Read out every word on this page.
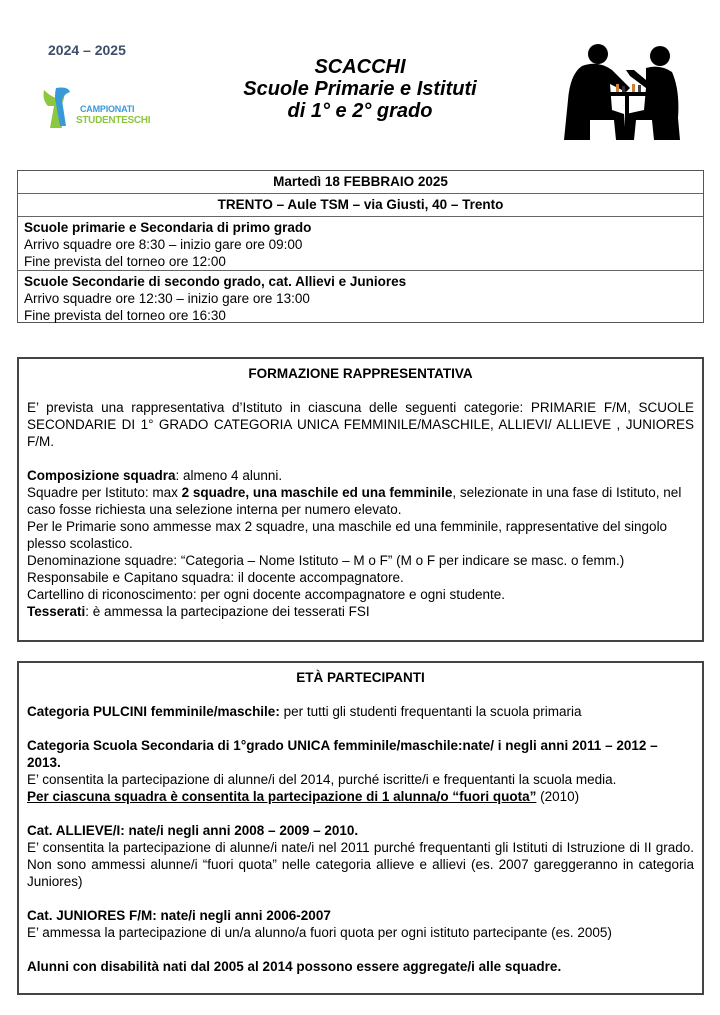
2024 – 2025
CAMPIONATI
STUDENTESCHI
SCACCHI
Scuole Primarie e Istituti
di 1° e 2° grado
Martedì 18 FEBBRAIO 2025
TRENTO – Aule TSM – via Giusti, 40 – Trento
Scuole primarie e Secondaria di primo grado
Arrivo squadre ore 8:30 – inizio gare ore 09:00
Fine prevista del torneo ore 12:00
Scuole Secondarie di secondo grado, cat. Allievi e Juniores
Arrivo squadre ore 12:30 – inizio gare ore 13:00
Fine prevista del torneo ore 16:30
FORMAZIONE RAPPRESENTATIVA
E’ prevista una rappresentativa d’Istituto in ciascuna delle seguenti categorie: PRIMARIE F/M, SCUOLE SECONDARIE DI 1° GRADO CATEGORIA UNICA FEMMINILE/MASCHILE, ALLIEVI/ ALLIEVE , JUNIORES F/M.
Composizione squadra: almeno 4 alunni.
Squadre per Istituto: max 2 squadre, una maschile ed una femminile, selezionate in una fase di Istituto, nel caso fosse richiesta una selezione interna per numero elevato.
Per le Primarie sono ammesse max 2 squadre, una maschile ed una femminile, rappresentative del singolo plesso scolastico.
Denominazione squadre: “Categoria – Nome Istituto – M o F” (M o F per indicare se masc. o femm.)
Responsabile e Capitano squadra: il docente accompagnatore.
Cartellino di riconoscimento: per ogni docente accompagnatore e ogni studente.
Tesserati: è ammessa la partecipazione dei tesserati FSI
ETÀ PARTECIPANTI
Categoria PULCINI femminile/maschile: per tutti gli studenti frequentanti la scuola primaria
Categoria Scuola Secondaria di 1°grado UNICA femminile/maschile:nate/ i negli anni 2011 – 2012 – 2013.
E’ consentita la partecipazione di alunne/i del 2014, purché iscritte/i e frequentanti la scuola media.
Per ciascuna squadra è consentita la partecipazione di 1 alunna/o “fuori quota” (2010)
Cat. ALLIEVE/I: nate/i negli anni 2008 – 2009 – 2010.
E’ consentita la partecipazione di alunne/i nate/i nel 2011 purché frequentanti gli Istituti di Istruzione di II grado. Non sono ammessi alunne/i “fuori quota” nelle categoria allieve e allievi (es. 2007 gareggeranno in categoria Juniores)
Cat. JUNIORES F/M: nate/i negli anni 2006-2007
E’ ammessa la partecipazione di un/a alunno/a fuori quota per ogni istituto partecipante (es. 2005)
Alunni con disabilità nati dal 2005 al 2014 possono essere aggregate/i alle squadre.
